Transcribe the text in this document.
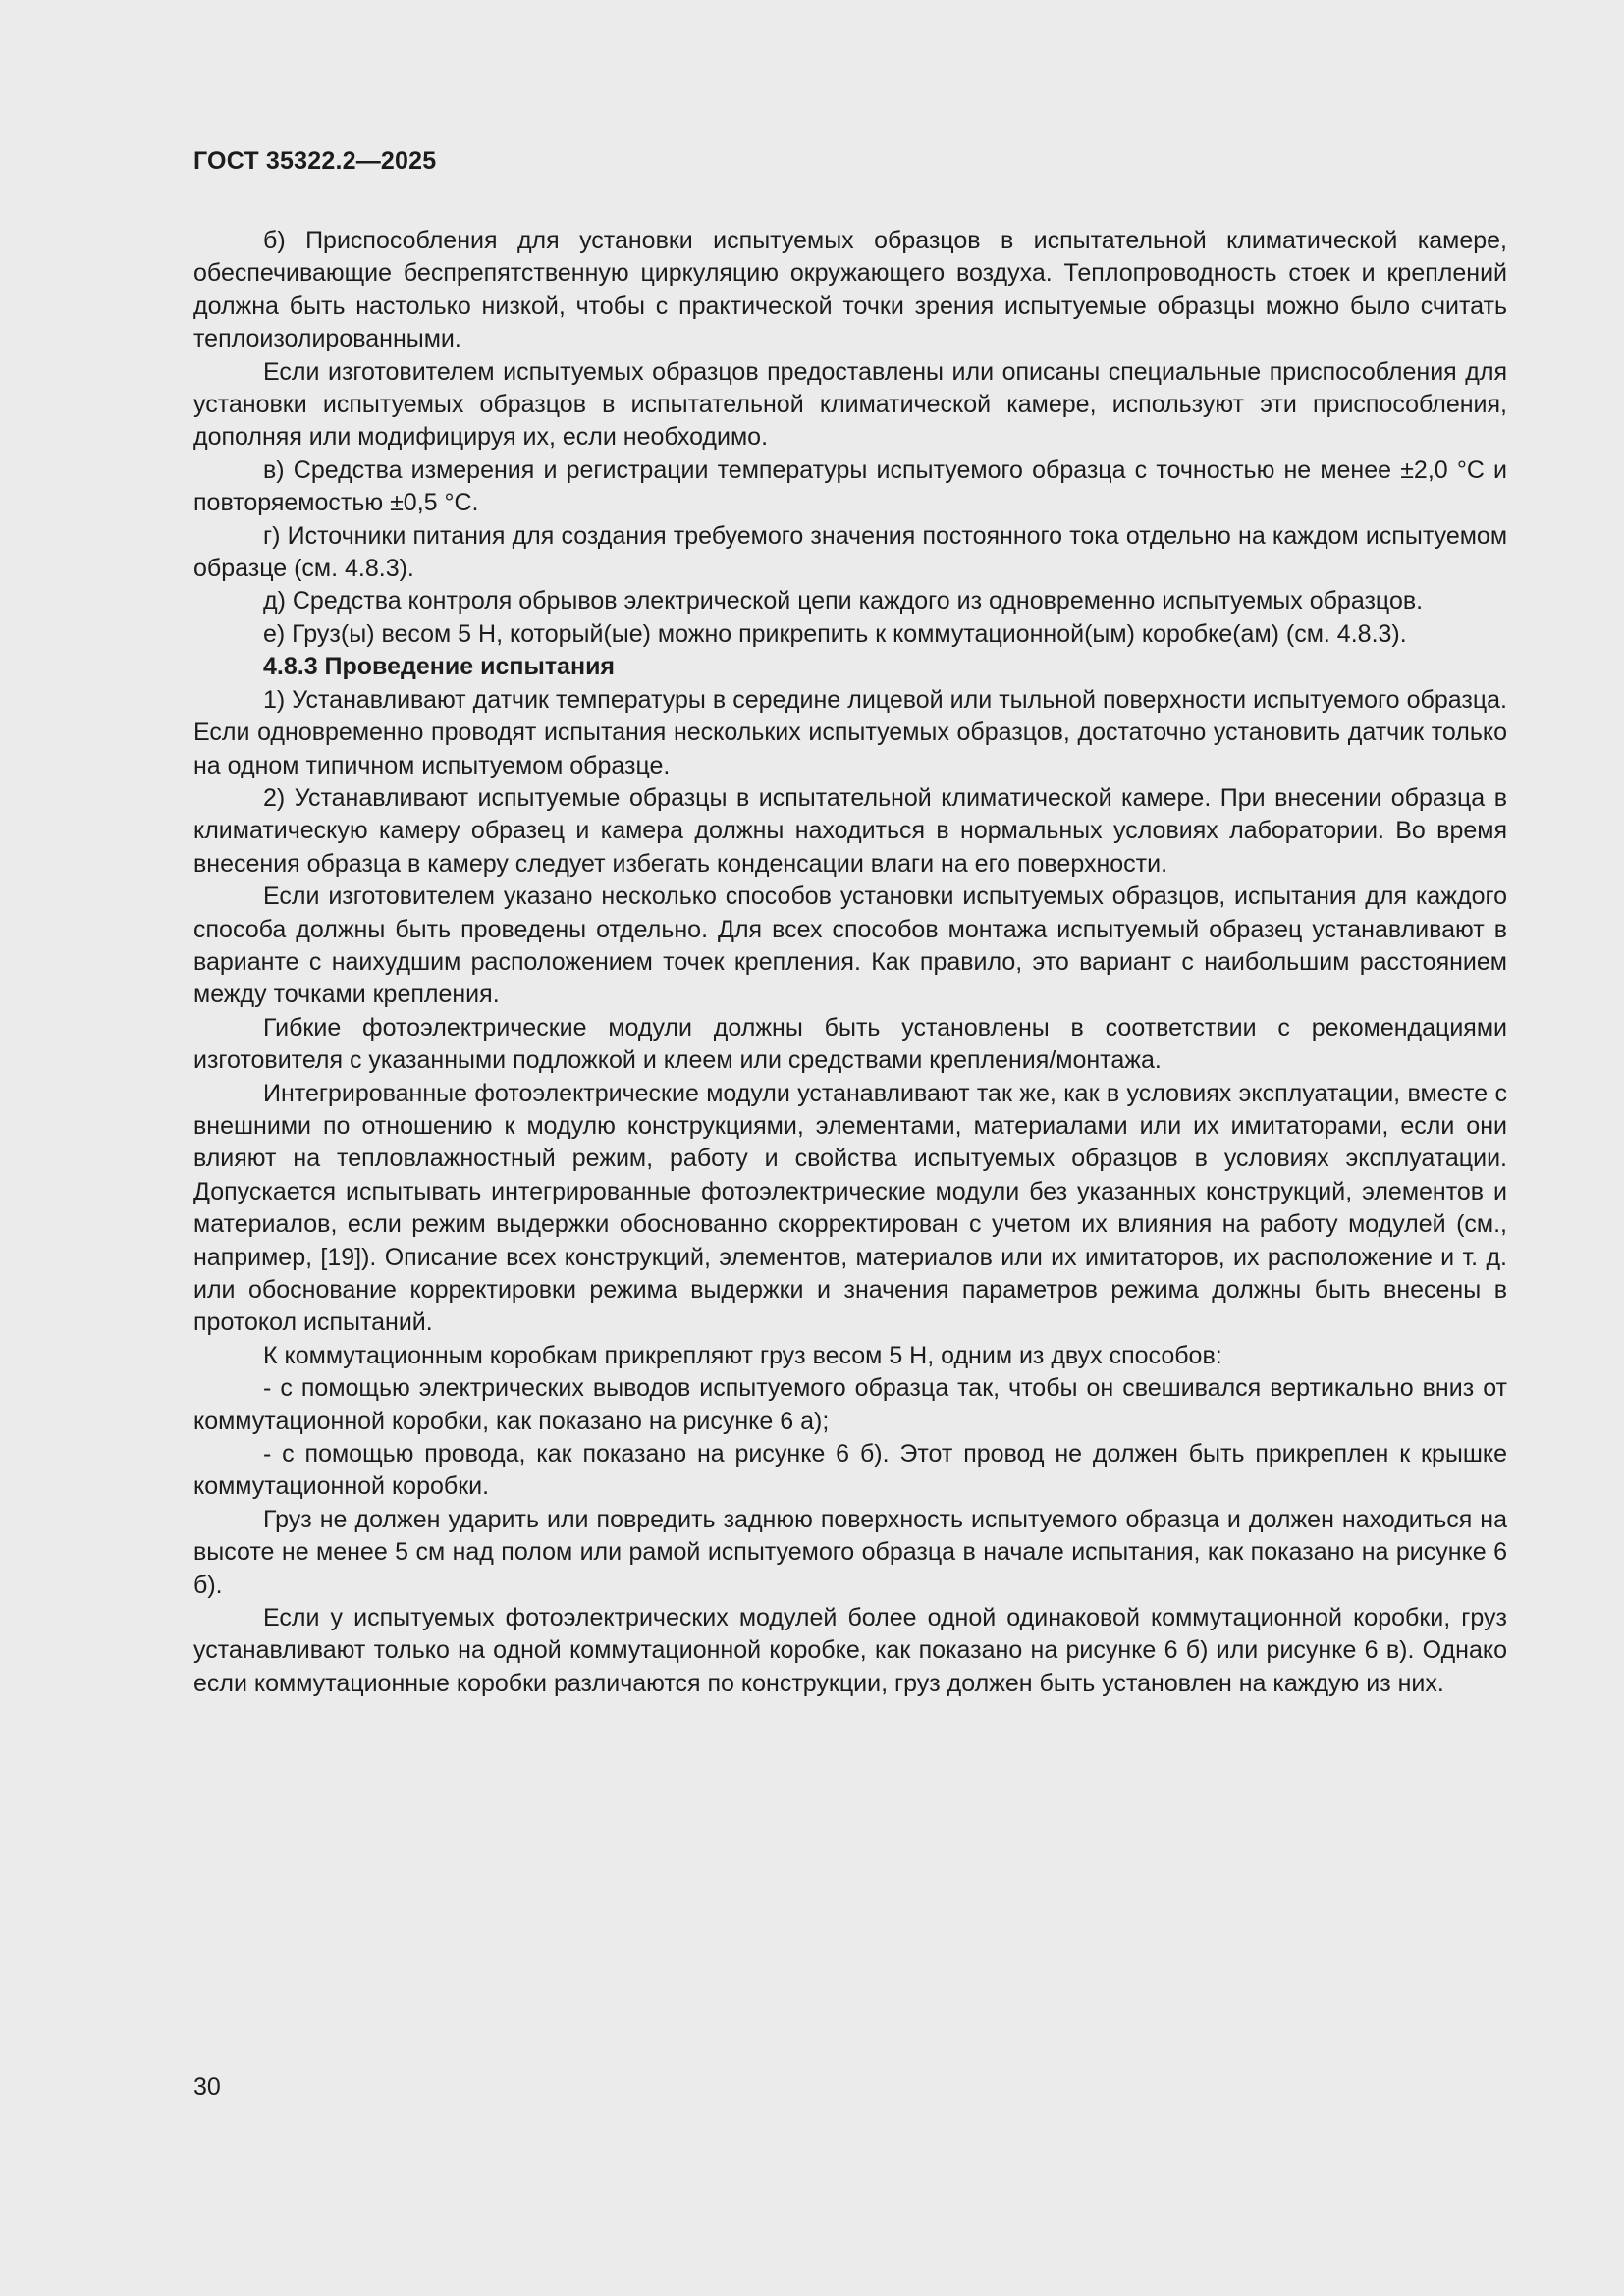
ГОСТ 35322.2—2025

б) Приспособления для установки испытуемых образцов в испытательной климатической камере, обеспечивающие беспрепятственную циркуляцию окружающего воздуха. Теплопроводность стоек и креплений должна быть настолько низкой, чтобы с практической точки зрения испытуемые образцы можно было считать теплоизолированными.

Если изготовителем испытуемых образцов предоставлены или описаны специальные приспособления для установки испытуемых образцов в испытательной климатической камере, используют эти приспособления, дополняя или модифицируя их, если необходимо.

в) Средства измерения и регистрации температуры испытуемого образца с точностью не менее ±2,0 °С и повторяемостью ±0,5 °С.

г) Источники питания для создания требуемого значения постоянного тока отдельно на каждом испытуемом образце (см. 4.8.3).

д) Средства контроля обрывов электрической цепи каждого из одновременно испытуемых образцов.

е) Груз(ы) весом 5 Н, который(ые) можно прикрепить к коммутационной(ым) коробке(ам) (см. 4.8.3).

4.8.3 Проведение испытания

1) Устанавливают датчик температуры в середине лицевой или тыльной поверхности испытуемого образца. Если одновременно проводят испытания нескольких испытуемых образцов, достаточно установить датчик только на одном типичном испытуемом образце.

2) Устанавливают испытуемые образцы в испытательной климатической камере. При внесении образца в климатическую камеру образец и камера должны находиться в нормальных условиях лаборатории. Во время внесения образца в камеру следует избегать конденсации влаги на его поверхности.

Если изготовителем указано несколько способов установки испытуемых образцов, испытания для каждого способа должны быть проведены отдельно. Для всех способов монтажа испытуемый образец устанавливают в варианте с наихудшим расположением точек крепления. Как правило, это вариант с наибольшим расстоянием между точками крепления.

Гибкие фотоэлектрические модули должны быть установлены в соответствии с рекомендациями изготовителя с указанными подложкой и клеем или средствами крепления/монтажа.

Интегрированные фотоэлектрические модули устанавливают так же, как в условиях эксплуатации, вместе с внешними по отношению к модулю конструкциями, элементами, материалами или их имитаторами, если они влияют на тепловлажностный режим, работу и свойства испытуемых образцов в условиях эксплуатации. Допускается испытывать интегрированные фотоэлектрические модули без указанных конструкций, элементов и материалов, если режим выдержки обоснованно скорректирован с учетом их влияния на работу модулей (см., например, [19]). Описание всех конструкций, элементов, материалов или их имитаторов, их расположение и т. д. или обоснование корректировки режима выдержки и значения параметров режима должны быть внесены в протокол испытаний.

К коммутационным коробкам прикрепляют груз весом 5 Н, одним из двух способов:

- с помощью электрических выводов испытуемого образца так, чтобы он свешивался вертикально вниз от коммутационной коробки, как показано на рисунке 6 а);

- с помощью провода, как показано на рисунке 6 б). Этот провод не должен быть прикреплен к крышке коммутационной коробки.

Груз не должен ударить или повредить заднюю поверхность испытуемого образца и должен находиться на высоте не менее 5 см над полом или рамой испытуемого образца в начале испытания, как показано на рисунке 6 б).

Если у испытуемых фотоэлектрических модулей более одной одинаковой коммутационной коробки, груз устанавливают только на одной коммутационной коробке, как показано на рисунке 6 б) или рисунке 6 в). Однако если коммутационные коробки различаются по конструкции, груз должен быть установлен на каждую из них.

30
